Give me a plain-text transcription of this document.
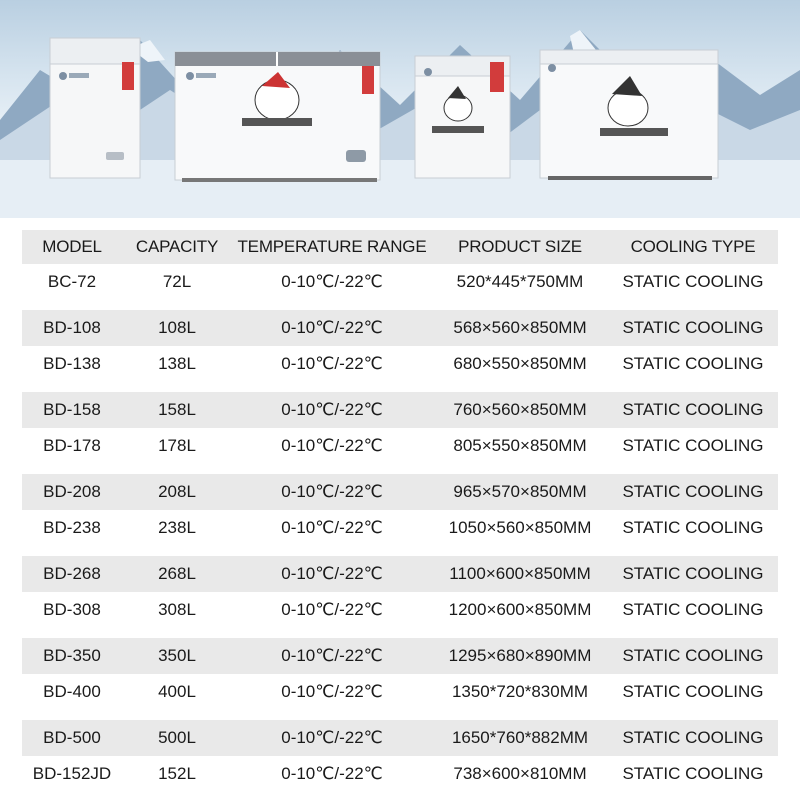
MODEL	CAPACITY	TEMPERATURE RANGE	PRODUCT SIZE	COOLING TYPE
BC-72	72L	0-10℃/-22℃	520*445*750MM	STATIC COOLING
BD-108	108L	0-10℃/-22℃	568×560×850MM	STATIC COOLING
BD-138	138L	0-10℃/-22℃	680×550×850MM	STATIC COOLING
BD-158	158L	0-10℃/-22℃	760×560×850MM	STATIC COOLING
BD-178	178L	0-10℃/-22℃	805×550×850MM	STATIC COOLING
BD-208	208L	0-10℃/-22℃	965×570×850MM	STATIC COOLING
BD-238	238L	0-10℃/-22℃	1050×560×850MM	STATIC COOLING
BD-268	268L	0-10℃/-22℃	1100×600×850MM	STATIC COOLING
BD-308	308L	0-10℃/-22℃	1200×600×850MM	STATIC COOLING
BD-350	350L	0-10℃/-22℃	1295×680×890MM	STATIC COOLING
BD-400	400L	0-10℃/-22℃	1350*720*830MM	STATIC COOLING
BD-500	500L	0-10℃/-22℃	1650*760*882MM	STATIC COOLING
BD-152JD	152L	0-10℃/-22℃	738×600×810MM	STATIC COOLING
